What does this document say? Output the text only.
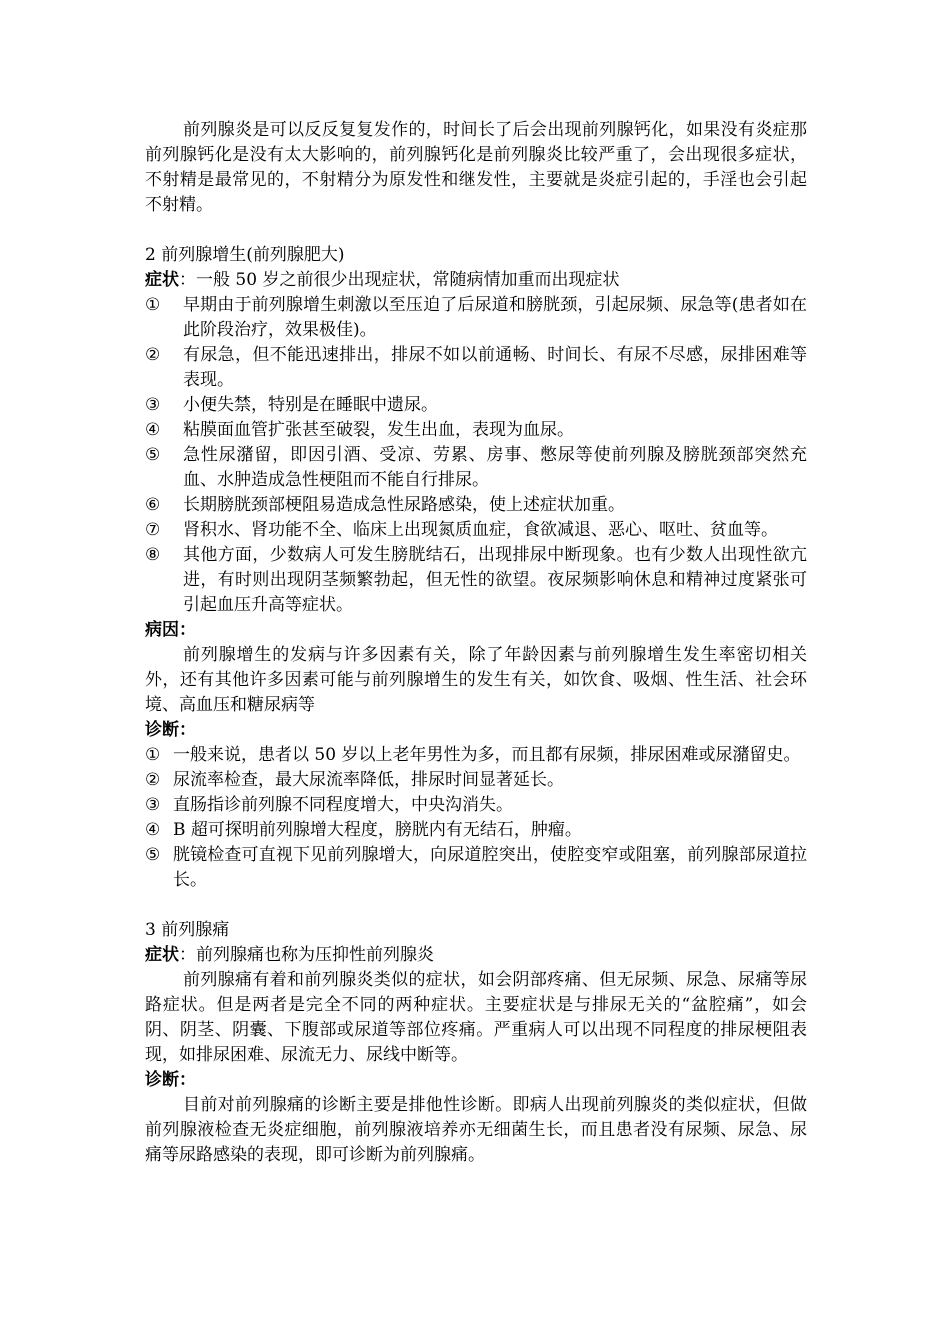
前列腺炎是可以反反复复发作的，时间长了后会出现前列腺钙化，如果没有炎症那前列腺钙化是没有太大影响的，前列腺钙化是前列腺炎比较严重了，会出现很多症状，不射精是最常见的，不射精分为原发性和继发性，主要就是炎症引起的，手淫也会引起不射精。

2 前列腺增生(前列腺肥大)

症状：一般 50 岁之前很少出现症状，常随病情加重而出现症状

①	早期由于前列腺增生刺激以至压迫了后尿道和膀胱颈，引起尿频、尿急等(患者如在此阶段治疗，效果极佳)。
②	有尿急，但不能迅速排出，排尿不如以前通畅、时间长、有尿不尽感，尿排困难等表现。
③	小便失禁，特别是在睡眠中遗尿。
④	粘膜面血管扩张甚至破裂，发生出血，表现为血尿。
⑤	急性尿潴留，即因引酒、受凉、劳累、房事、憋尿等使前列腺及膀胱颈部突然充血、水肿造成急性梗阻而不能自行排尿。
⑥	长期膀胱颈部梗阻易造成急性尿路感染，使上述症状加重。
⑦	肾积水、肾功能不全、临床上出现氮质血症，食欲减退、恶心、呕吐、贫血等。
⑧	其他方面，少数病人可发生膀胱结石，出现排尿中断现象。也有少数人出现性欲亢进，有时则出现阴茎频繁勃起，但无性的欲望。夜尿频影响休息和精神过度紧张可引起血压升高等症状。

病因：

前列腺增生的发病与许多因素有关，除了年龄因素与前列腺增生发生率密切相关外，还有其他许多因素可能与前列腺增生的发生有关，如饮食、吸烟、性生活、社会环境、高血压和糖尿病等

诊断：

① 一般来说，患者以 50 岁以上老年男性为多，而且都有尿频，排尿困难或尿潴留史。
② 尿流率检查，最大尿流率降低，排尿时间显著延长。
③ 直肠指诊前列腺不同程度增大，中央沟消失。
④ B 超可探明前列腺增大程度，膀胱内有无结石，肿瘤。
⑤ 胱镜检查可直视下见前列腺增大，向尿道腔突出，使腔变窄或阻塞，前列腺部尿道拉长。

3 前列腺痛

症状：前列腺痛也称为压抑性前列腺炎

前列腺痛有着和前列腺炎类似的症状，如会阴部疼痛、但无尿频、尿急、尿痛等尿路症状。但是两者是完全不同的两种症状。主要症状是与排尿无关的“盆腔痛”，如会阴、阴茎、阴囊、下腹部或尿道等部位疼痛。严重病人可以出现不同程度的排尿梗阻表现，如排尿困难、尿流无力、尿线中断等。

诊断：

目前对前列腺痛的诊断主要是排他性诊断。即病人出现前列腺炎的类似症状，但做前列腺液检查无炎症细胞，前列腺液培养亦无细菌生长，而且患者没有尿频、尿急、尿痛等尿路感染的表现，即可诊断为前列腺痛。
